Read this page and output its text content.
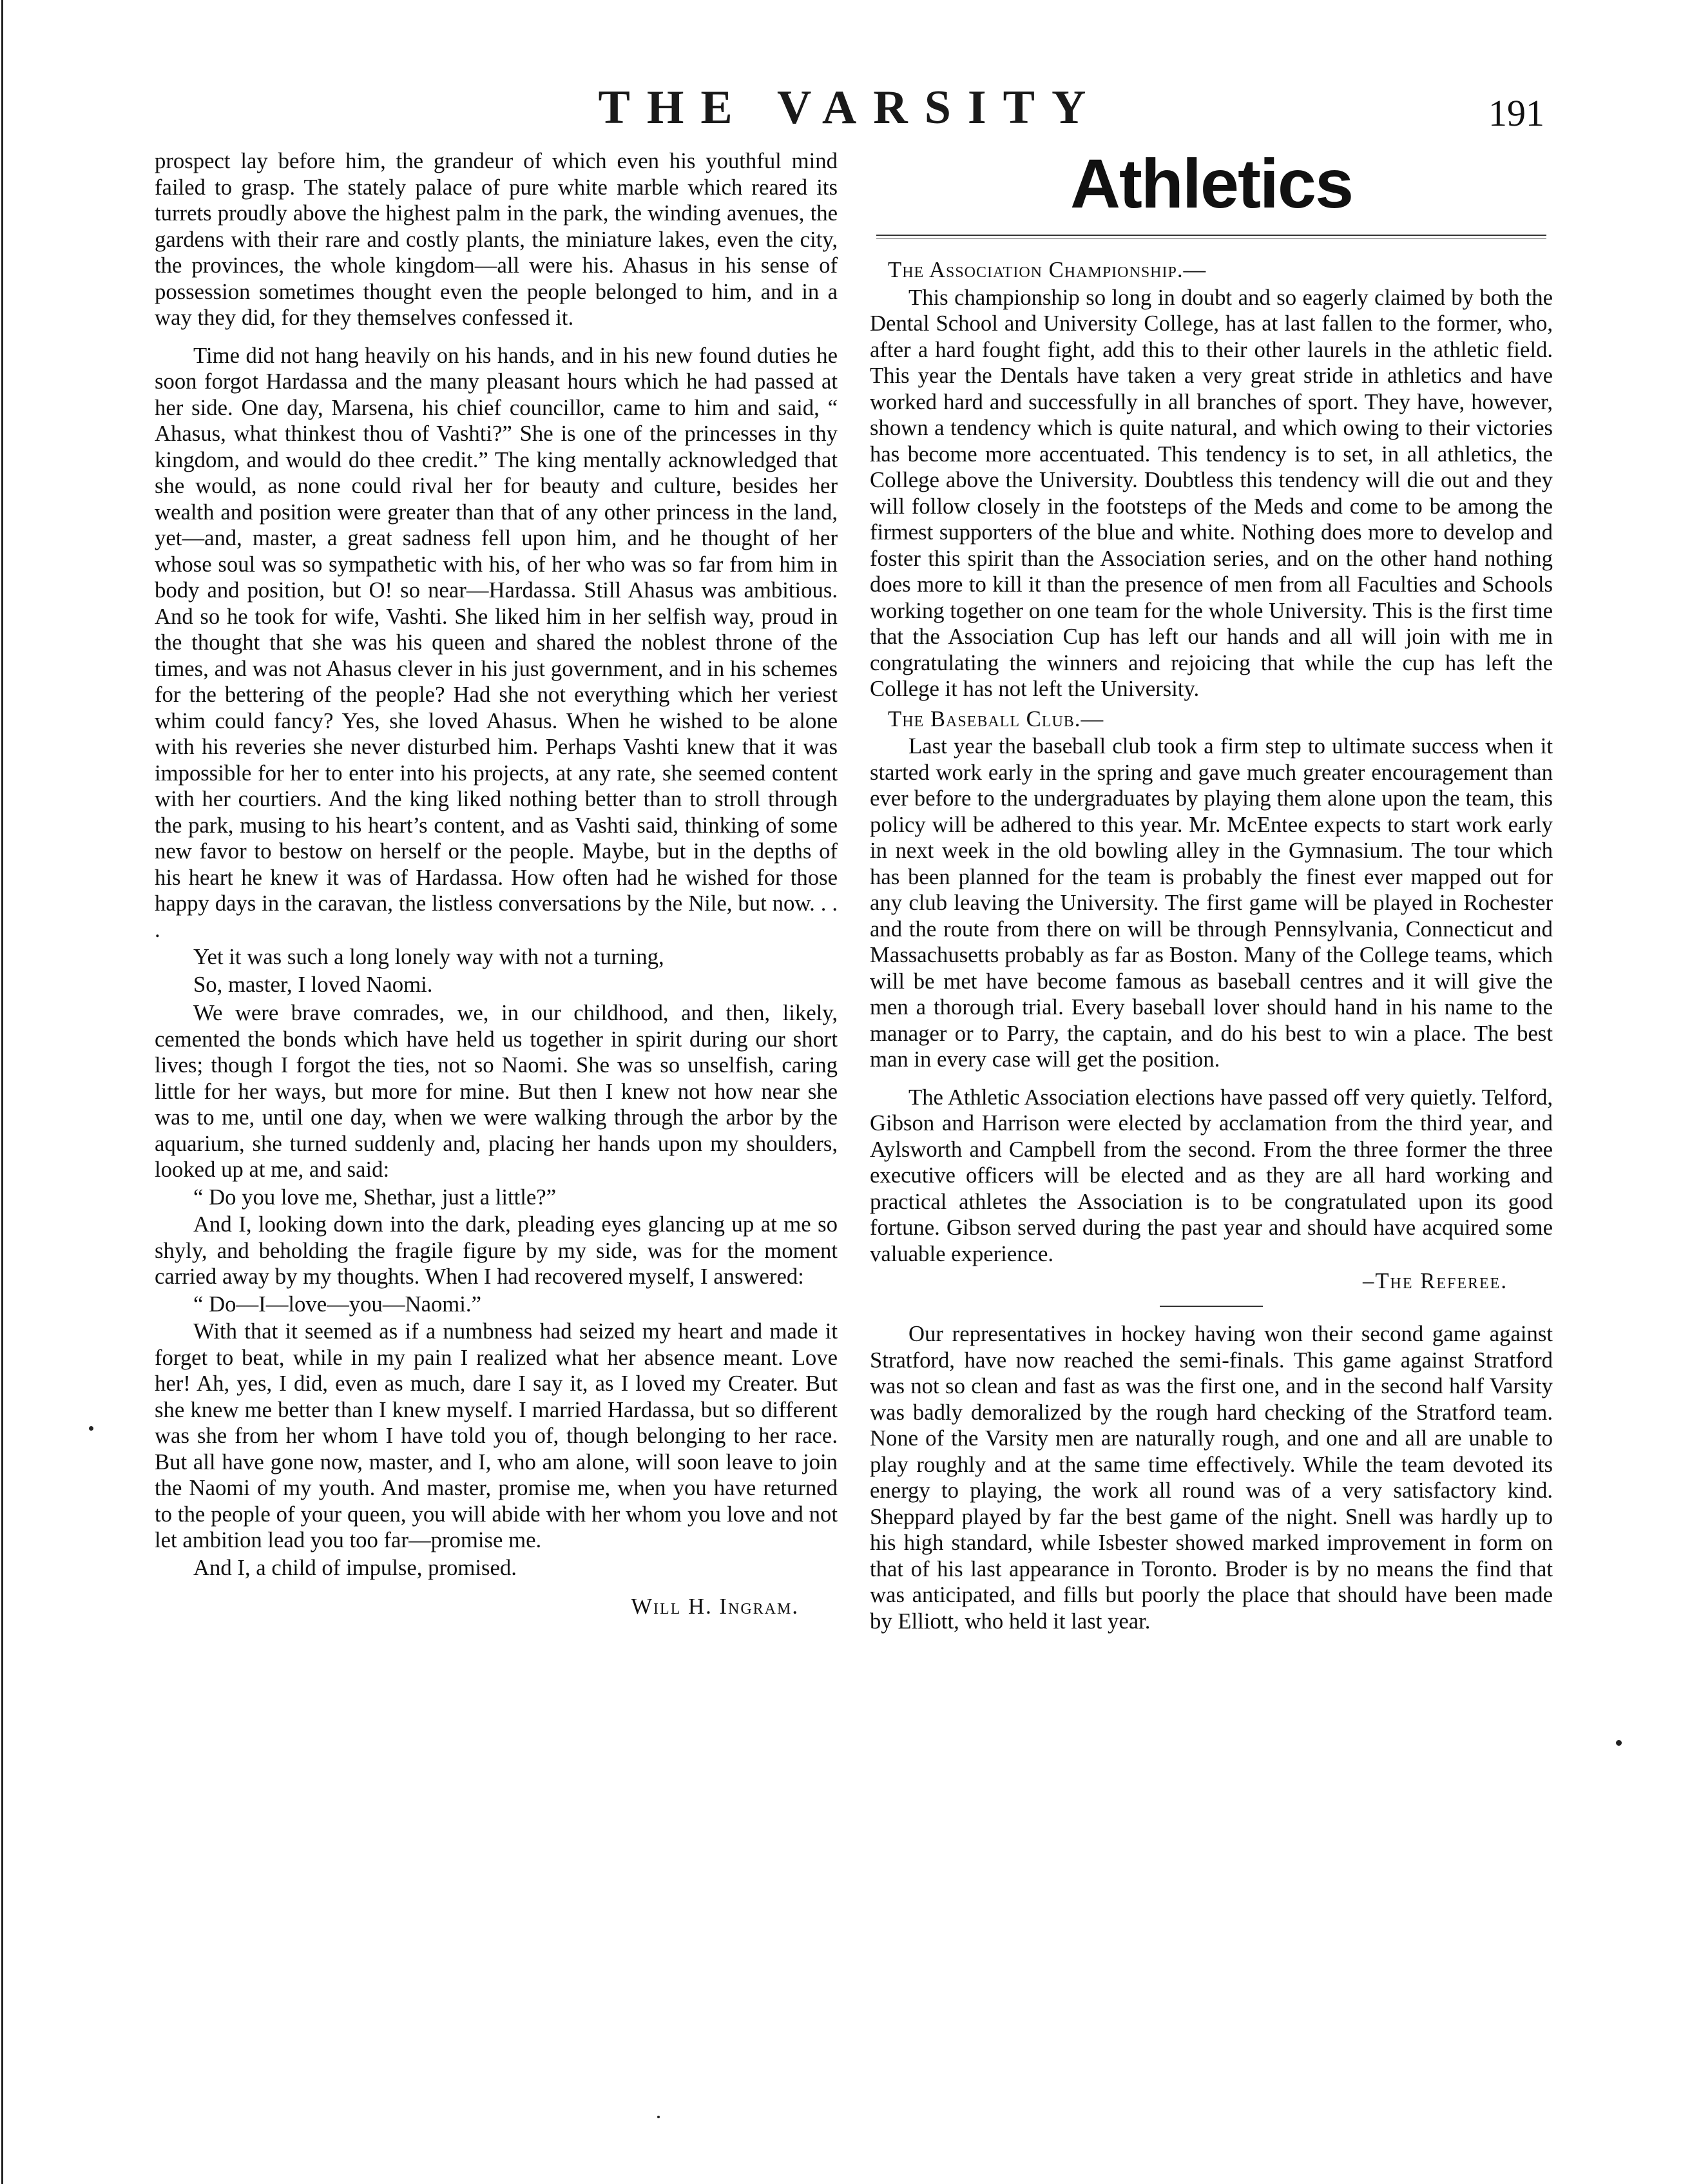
THE VARSITY	191

prospect lay before him, the grandeur of which even his youthful mind failed to grasp. The stately palace of pure white marble which reared its turrets proudly above the highest palm in the park, the winding avenues, the gardens with their rare and costly plants, the miniature lakes, even the city, the provinces, the whole kingdom—all were his. Ahasus in his sense of possession sometimes thought even the people belonged to him, and in a way they did, for they themselves confessed it.

Time did not hang heavily on his hands, and in his new found duties he soon forgot Hardassa and the many pleasant hours which he had passed at her side. One day, Marsena, his chief councillor, came to him and said, “ Ahasus, what thinkest thou of Vashti?” She is one of the princesses in thy kingdom, and would do thee credit.” The king mentally acknowledged that she would, as none could rival her for beauty and culture, besides her wealth and position were greater than that of any other princess in the land, yet—and, master, a great sadness fell upon him, and he thought of her whose soul was so sympathetic with his, of her who was so far from him in body and position, but O! so near—Hardassa. Still Ahasus was ambitious. And so he took for wife, Vashti. She liked him in her selfish way, proud in the thought that she was his queen and shared the noblest throne of the times, and was not Ahasus clever in his just government, and in his schemes for the bettering of the people? Had she not everything which her veriest whim could fancy? Yes, she loved Ahasus. When he wished to be alone with his reveries she never disturbed him. Perhaps Vashti knew that it was impossible for her to enter into his projects, at any rate, she seemed content with her courtiers. And the king liked nothing better than to stroll through the park, musing to his heart’s content, and as Vashti said, thinking of some new favor to bestow on herself or the people. Maybe, but in the depths of his heart he knew it was of Hardassa. How often had he wished for those happy days in the caravan, the listless conversations by the Nile, but now. . . .

Yet it was such a long lonely way with not a turning,

So, master, I loved Naomi.

We were brave comrades, we, in our childhood, and then, likely, cemented the bonds which have held us together in spirit during our short lives; though I forgot the ties, not so Naomi. She was so unselfish, caring little for her ways, but more for mine. But then I knew not how near she was to me, until one day, when we were walking through the arbor by the aquarium, she turned suddenly and, placing her hands upon my shoulders, looked up at me, and said:

“ Do you love me, Shethar, just a little?”

And I, looking down into the dark, pleading eyes glancing up at me so shyly, and beholding the fragile figure by my side, was for the moment carried away by my thoughts. When I had recovered myself, I answered:

“ Do—I—love—you—Naomi.”

With that it seemed as if a numbness had seized my heart and made it forget to beat, while in my pain I realized what her absence meant. Love her! Ah, yes, I did, even as much, dare I say it, as I loved my Creater. But she knew me better than I knew myself. I married Hardassa, but so different was she from her whom I have told you of, though belonging to her race. But all have gone now, master, and I, who am alone, will soon leave to join the Naomi of my youth. And master, promise me, when you have returned to the people of your queen, you will abide with her whom you love and not let ambition lead you too far—promise me.

And I, a child of impulse, promised.

Will H. Ingram.
Athletics

The Association Championship.—

This championship so long in doubt and so eagerly claimed by both the Dental School and University College, has at last fallen to the former, who, after a hard fought fight, add this to their other laurels in the athletic field. This year the Dentals have taken a very great stride in athletics and have worked hard and successfully in all branches of sport. They have, however, shown a tendency which is quite natural, and which owing to their victories has become more accentuated. This tendency is to set, in all athletics, the College above the University. Doubtless this tendency will die out and they will follow closely in the footsteps of the Meds and come to be among the firmest supporters of the blue and white. Nothing does more to develop and foster this spirit than the Association series, and on the other hand nothing does more to kill it than the presence of men from all Faculties and Schools working together on one team for the whole University. This is the first time that the Association Cup has left our hands and all will join with me in congratulating the winners and rejoicing that while the cup has left the College it has not left the University.

The Baseball Club.—

Last year the baseball club took a firm step to ultimate success when it started work early in the spring and gave much greater encouragement than ever before to the undergraduates by playing them alone upon the team, this policy will be adhered to this year. Mr. McEntee expects to start work early in next week in the old bowling alley in the Gymnasium. The tour which has been planned for the team is probably the finest ever mapped out for any club leaving the University. The first game will be played in Rochester and the route from there on will be through Pennsylvania, Connecticut and Massachusetts probably as far as Boston. Many of the College teams, which will be met have become famous as baseball centres and it will give the men a thorough trial. Every baseball lover should hand in his name to the manager or to Parry, the captain, and do his best to win a place. The best man in every case will get the position.

The Athletic Association elections have passed off very quietly. Telford, Gibson and Harrison were elected by acclamation from the third year, and Aylsworth and Campbell from the second. From the three former the three executive officers will be elected and as they are all hard working and practical athletes the Association is to be congratulated upon its good fortune. Gibson served during the past year and should have acquired some valuable experience.

–The Referee.

Our representatives in hockey having won their second game against Stratford, have now reached the semi-finals. This game against Stratford was not so clean and fast as was the first one, and in the second half Varsity was badly demoralized by the rough hard checking of the Stratford team. None of the Varsity men are naturally rough, and one and all are unable to play roughly and at the same time effectively. While the team devoted its energy to playing, the work all round was of a very satisfactory kind. Sheppard played by far the best game of the night. Snell was hardly up to his high standard, while Isbester showed marked improvement in form on that of his last appearance in Toronto. Broder is by no means the find that was anticipated, and fills but poorly the place that should have been made by Elliott, who held it last year.
